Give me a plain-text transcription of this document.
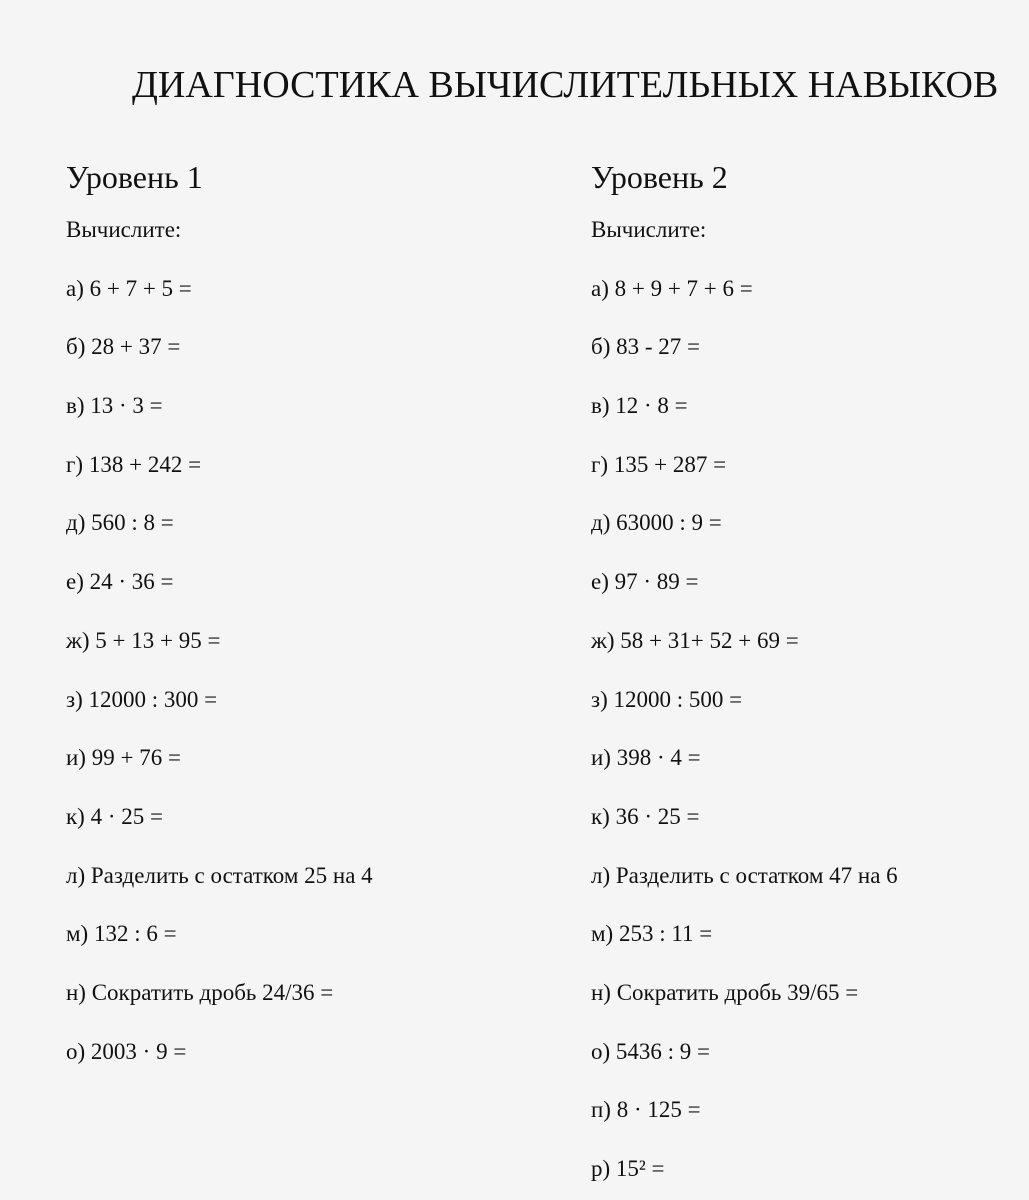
ДИАГНОСТИКА ВЫЧИСЛИТЕЛЬНЫХ НАВЫКОВ
Уровень 1
Вычислите:
а) 6 + 7 + 5 =
б) 28 + 37 =
в) 13 · 3 =
г) 138 + 242 =
д) 560 : 8 =
е) 24 · 36 =
ж) 5 + 13 + 95 =
з) 12000 : 300 =
и) 99 + 76 =
к) 4 · 25 =
л) Разделить с остатком 25 на 4
м) 132 : 6 =
н) Сократить дробь 24/36 =
о) 2003 · 9 =
Уровень 2
Вычислите:
а) 8 + 9 + 7 + 6 =
б) 83 - 27 =
в) 12 · 8 =
г) 135 + 287 =
д) 63000 : 9 =
е) 97 · 89 =
ж) 58 + 31+ 52 + 69 =
з) 12000 : 500 =
и) 398 · 4 =
к) 36 · 25 =
л) Разделить с остатком 47 на 6
м) 253 : 11 =
н) Сократить дробь 39/65 =
о) 5436 : 9 =
п) 8 · 125 =
р) 15² =
